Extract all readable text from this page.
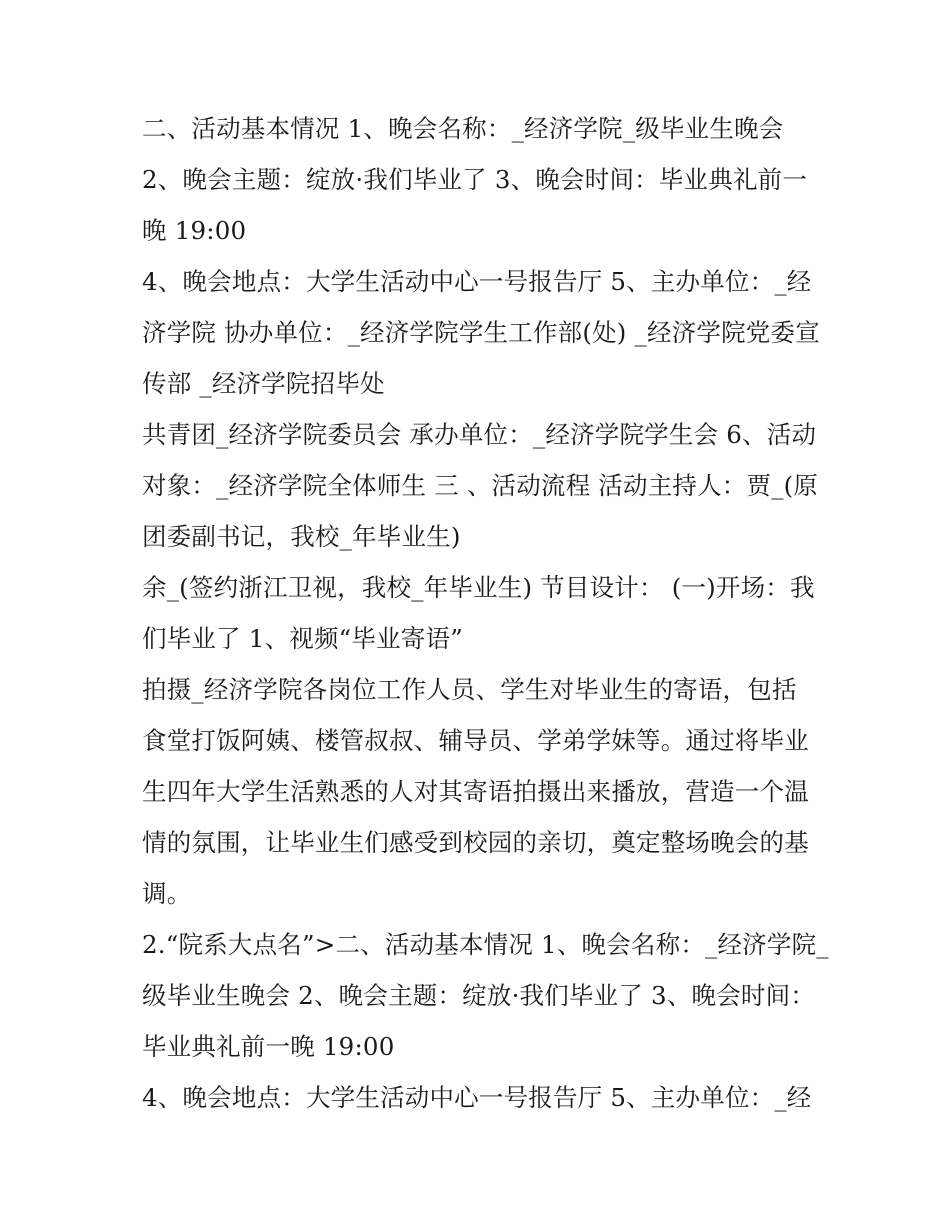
二、活动基本情况 1、晚会名称：_经济学院_级毕业生晚会
2、晚会主题：绽放·我们毕业了 3、晚会时间：毕业典礼前一
晚 19:00
4、晚会地点：大学生活动中心一号报告厅 5、主办单位：_经
济学院 协办单位：_经济学院学生工作部(处) _经济学院党委宣
传部 _经济学院招毕处
共青团_经济学院委员会 承办单位：_经济学院学生会 6、活动
对象：_经济学院全体师生 三 、活动流程 活动主持人：贾_(原
团委副书记，我校_年毕业生)
余_(签约浙江卫视，我校_年毕业生) 节目设计： (一)开场：我
们毕业了 1、视频“毕业寄语”
拍摄_经济学院各岗位工作人员、学生对毕业生的寄语，包括
食堂打饭阿姨、楼管叔叔、辅导员、学弟学妹等。通过将毕业
生四年大学生活熟悉的人对其寄语拍摄出来播放，营造一个温
情的氛围，让毕业生们感受到校园的亲切，奠定整场晚会的基
调。
2.“院系大点名”>二、活动基本情况 1、晚会名称：_经济学院_
级毕业生晚会 2、晚会主题：绽放·我们毕业了 3、晚会时间：
毕业典礼前一晚 19:00
4、晚会地点：大学生活动中心一号报告厅 5、主办单位：_经
